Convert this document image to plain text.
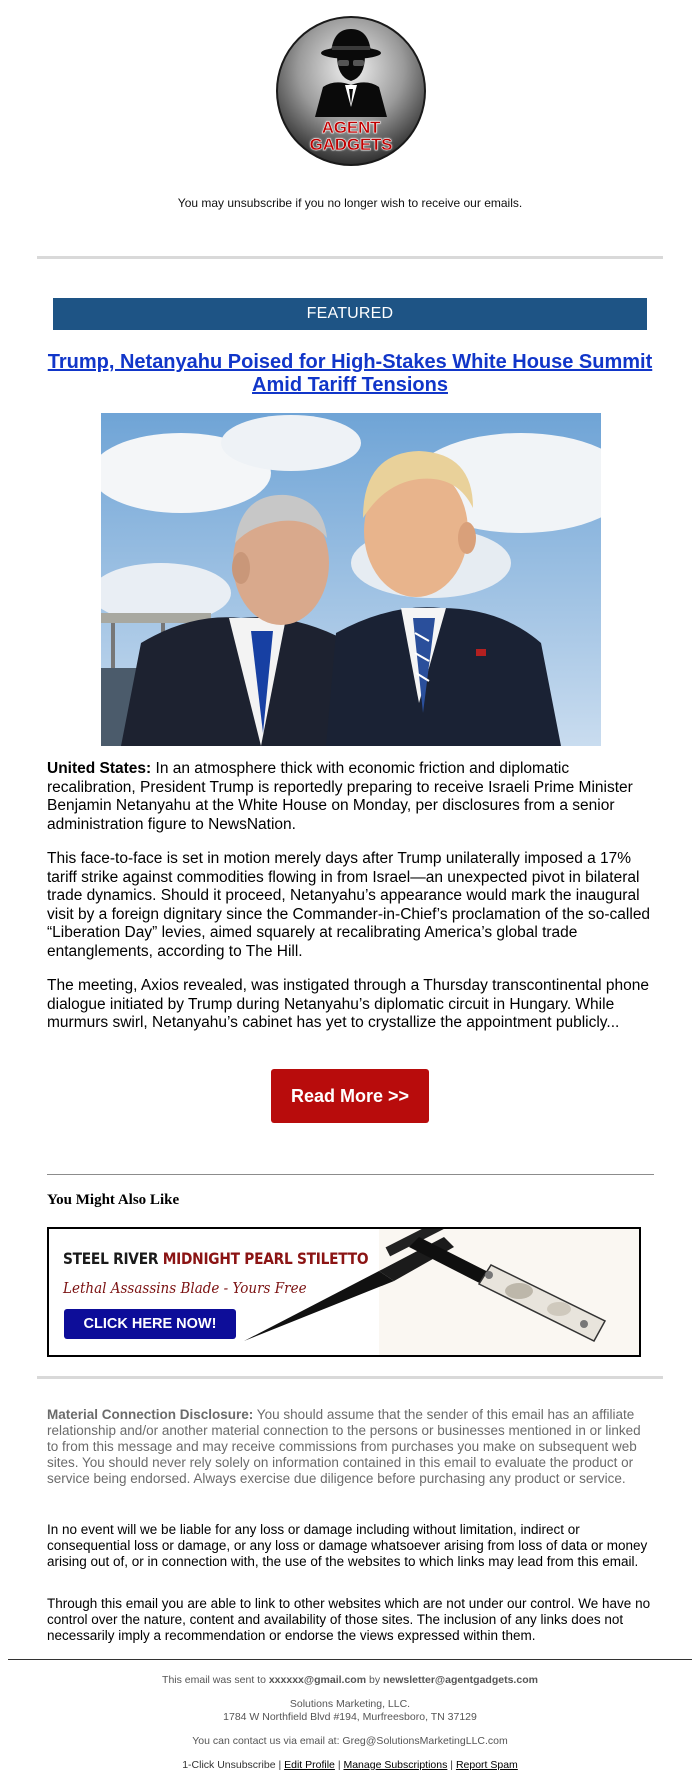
AGENT
GADGETS
You may unsubscribe if you no longer wish to receive our emails.
FEATURED
Trump, Netanyahu Poised for High-Stakes White House Summit Amid Tariff Tensions

United States: In an atmosphere thick with economic friction and diplomatic recalibration, President Trump is reportedly preparing to receive Israeli Prime Minister Benjamin Netanyahu at the White House on Monday, per disclosures from a senior administration figure to NewsNation.

This face-to-face is set in motion merely days after Trump unilaterally imposed a 17% tariff strike against commodities flowing in from Israel—an unexpected pivot in bilateral trade dynamics. Should it proceed, Netanyahu’s appearance would mark the inaugural visit by a foreign dignitary since the Commander-in-Chief’s proclamation of the so-called “Liberation Day” levies, aimed squarely at recalibrating America’s global trade entanglements, according to The Hill.

The meeting, Axios revealed, was instigated through a Thursday transcontinental phone dialogue initiated by Trump during Netanyahu’s diplomatic circuit in Hungary. While murmurs swirl, Netanyahu’s cabinet has yet to crystallize the appointment publicly...

Read More >>
You Might Also Like
STEEL RIVER MIDNIGHT PEARL STILETTO
Lethal Assassins Blade - Yours Free
CLICK HERE NOW!
Material Connection Disclosure: You should assume that the sender of this email has an affiliate relationship and/or another material connection to the persons or businesses mentioned in or linked to from this message and may receive commissions from purchases you make on subsequent web sites. You should never rely solely on information contained in this email to evaluate the product or service being endorsed. Always exercise due diligence before purchasing any product or service.
In no event will we be liable for any loss or damage including without limitation, indirect or consequential loss or damage, or any loss or damage whatsoever arising from loss of data or money arising out of, or in connection with, the use of the websites to which links may lead from this email.
Through this email you are able to link to other websites which are not under our control. We have no control over the nature, content and availability of those sites. The inclusion of any links does not necessarily imply a recommendation or endorse the views expressed within them.
This email was sent to xxxxxx@gmail.com by newsletter@agentgadgets.com
Solutions Marketing, LLC.
1784 W Northfield Blvd #194, Murfreesboro, TN 37129
You can contact us via email at: Greg@SolutionsMarketingLLC.com
1-Click Unsubscribe | Edit Profile | Manage Subscriptions | Report Spam
